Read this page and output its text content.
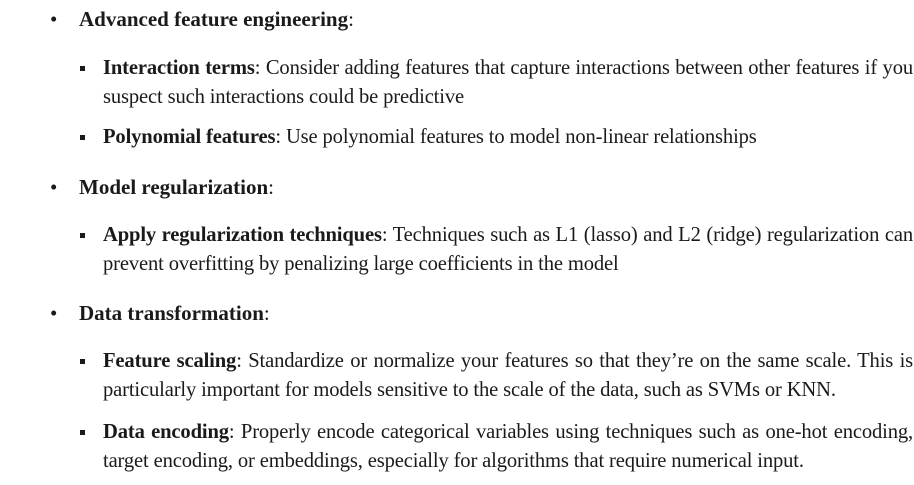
• Advanced feature engineering:
Interaction terms: Consider adding features that capture interactions between other features if you suspect such interactions could be predictive
Polynomial features: Use polynomial features to model non-linear relationships
• Model regularization:
Apply regularization techniques: Techniques such as L1 (lasso) and L2 (ridge) regularization can prevent overfitting by penalizing large coefficients in the model
• Data transformation:
Feature scaling: Standardize or normalize your features so that they’re on the same scale. This is particularly important for models sensitive to the scale of the data, such as SVMs or KNN.
Data encoding: Properly encode categorical variables using techniques such as one-hot encoding, target encoding, or embeddings, especially for algorithms that require numerical input.
